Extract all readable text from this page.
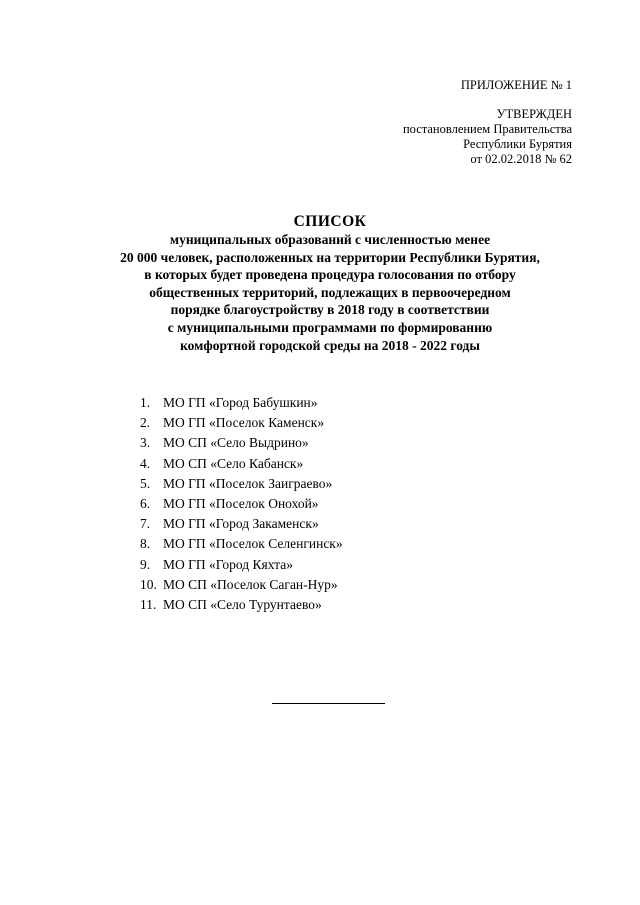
ПРИЛОЖЕНИЕ № 1
УТВЕРЖДЕН
постановлением Правительства
Республики Бурятия
от 02.02.2018 № 62
СПИСОК
муниципальных образований с численностью менее
20 000 человек, расположенных на территории Республики Бурятия,
в которых будет проведена процедура голосования по отбору
общественных территорий, подлежащих в первоочередном
порядке благоустройству в 2018 году в соответствии
с муниципальными программами по формированию
комфортной городской среды на 2018 - 2022 годы
1. МО ГП «Город Бабушкин»
2. МО ГП «Поселок Каменск»
3. МО СП «Село Выдрино»
4. МО СП «Село Кабанск»
5. МО ГП «Поселок Заиграево»
6. МО ГП «Поселок Онохой»
7. МО ГП «Город Закаменск»
8. МО ГП «Поселок Селенгинск»
9. МО ГП «Город Кяхта»
10. МО СП «Поселок Саган-Нур»
11. МО СП «Село Турунтаево»
